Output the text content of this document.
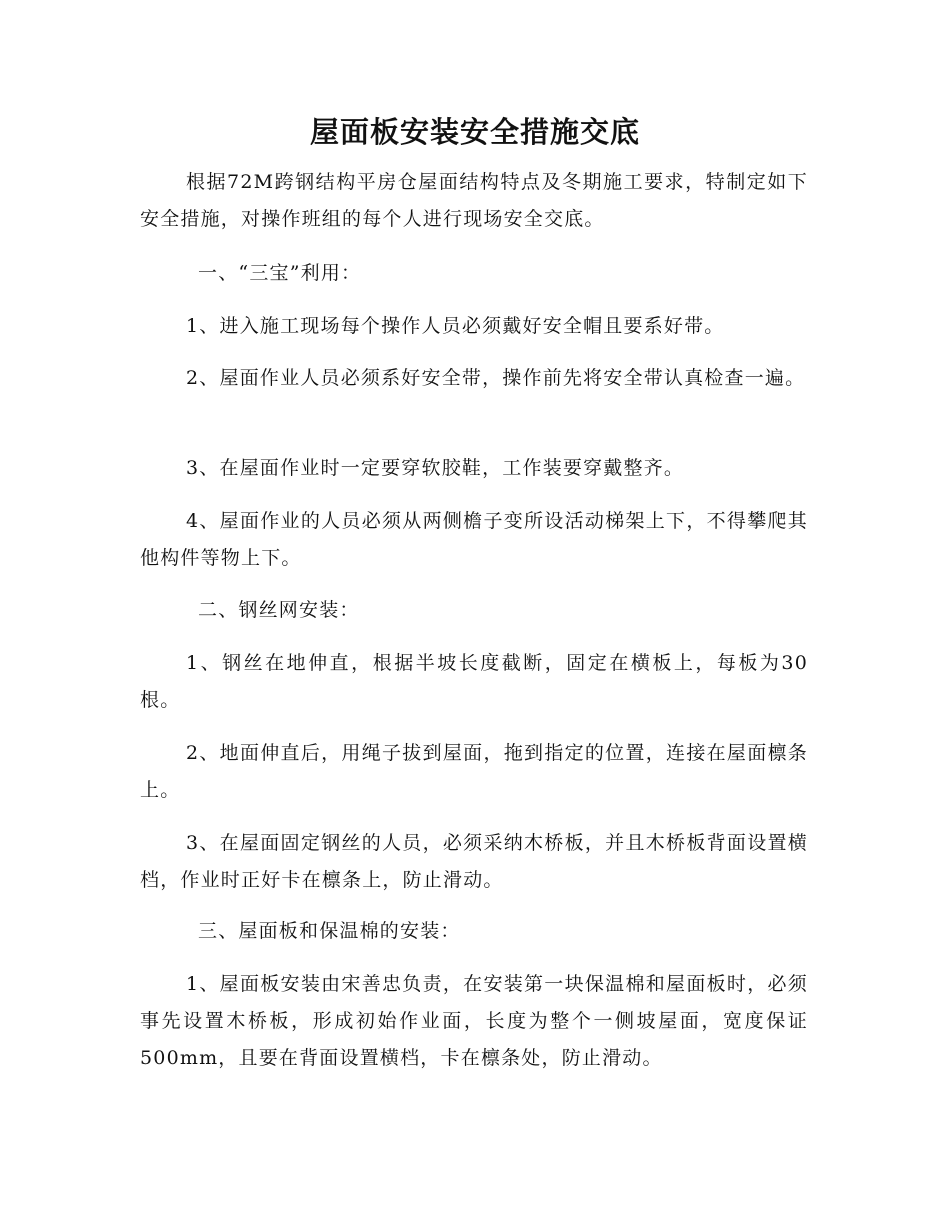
屋面板安装安全措施交底

根据72M跨钢结构平房仓屋面结构特点及冬期施工要求，特制定如下安全措施，对操作班组的每个人进行现场安全交底。

一、“三宝”利用：

1、进入施工现场每个操作人员必须戴好安全帽且要系好带。

2、屋面作业人员必须系好安全带，操作前先将安全带认真检查一遍。

3、在屋面作业时一定要穿软胶鞋，工作装要穿戴整齐。

4、屋面作业的人员必须从两侧檐子变所设活动梯架上下，不得攀爬其他构件等物上下。

二、钢丝网安装：

1、钢丝在地伸直，根据半坡长度截断，固定在横板上，每板为30根。

2、地面伸直后，用绳子拔到屋面，拖到指定的位置，连接在屋面檩条上。

3、在屋面固定钢丝的人员，必须采纳木桥板，并且木桥板背面设置横档，作业时正好卡在檩条上，防止滑动。

三、屋面板和保温棉的安装：

1、屋面板安装由宋善忠负责，在安装第一块保温棉和屋面板时，必须事先设置木桥板，形成初始作业面，长度为整个一侧坡屋面，宽度保证500mm，且要在背面设置横档，卡在檩条处，防止滑动。
